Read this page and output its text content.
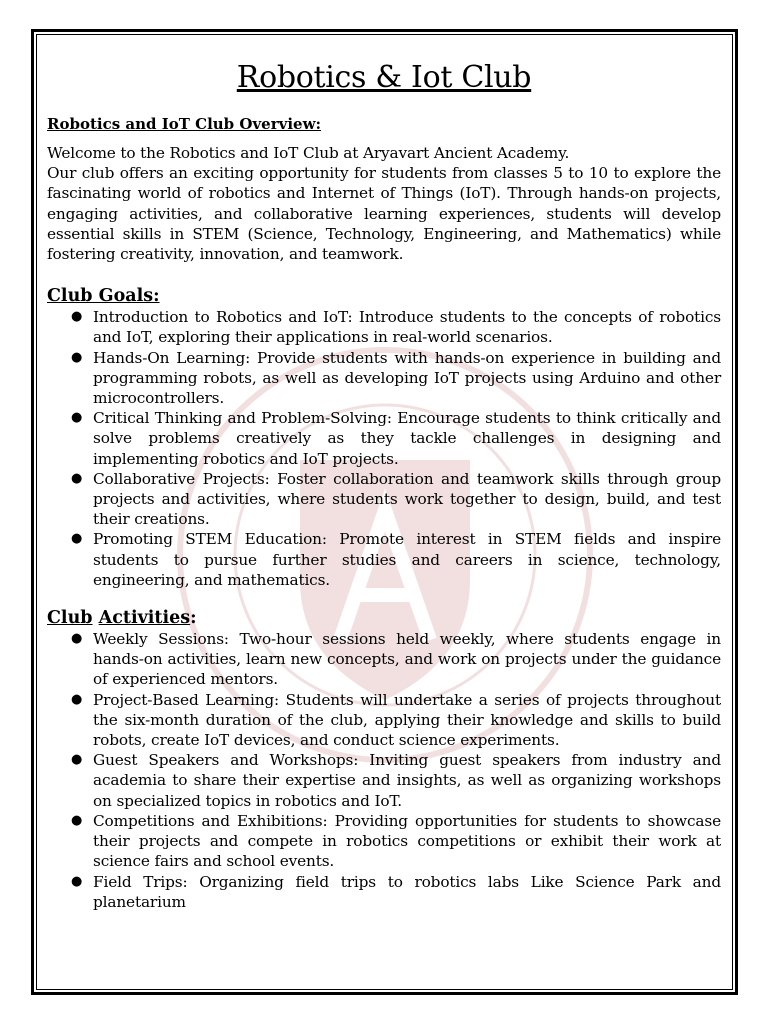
Robotics & Iot Club
Robotics and IoT Club Overview:

Welcome to the Robotics and IoT Club at Aryavart Ancient Academy.

Our club offers an exciting opportunity for students from classes 5 to 10 to explore the fascinating world of robotics and Internet of Things (IoT). Through hands-on projects, engaging activities, and collaborative learning experiences, students will develop essential skills in STEM (Science, Technology, Engineering, and Mathematics) while fostering creativity, innovation, and teamwork.

Club Goals:
● Introduction to Robotics and IoT: Introduce students to the concepts of robotics and IoT, exploring their applications in real-world scenarios.
● Hands-On Learning: Provide students with hands-on experience in building and programming robots, as well as developing IoT projects using Arduino and other microcontrollers.
● Critical Thinking and Problem-Solving: Encourage students to think critically and solve problems creatively as they tackle challenges in designing and implementing robotics and IoT projects.
● Collaborative Projects: Foster collaboration and teamwork skills through group projects and activities, where students work together to design, build, and test their creations.
● Promoting STEM Education: Promote interest in STEM fields and inspire students to pursue further studies and careers in science, technology, engineering, and mathematics.
Club Activities:
● Weekly Sessions: Two-hour sessions held weekly, where students engage in hands-on activities, learn new concepts, and work on projects under the guidance of experienced mentors.
● Project-Based Learning: Students will undertake a series of projects throughout the six-month duration of the club, applying their knowledge and skills to build robots, create IoT devices, and conduct science experiments.
● Guest Speakers and Workshops: Inviting guest speakers from industry and academia to share their expertise and insights, as well as organizing workshops on specialized topics in robotics and IoT.
● Competitions and Exhibitions: Providing opportunities for students to showcase their projects and compete in robotics competitions or exhibit their work at science fairs and school events.
● Field Trips: Organizing field trips to robotics labs Like Science Park and planetarium
